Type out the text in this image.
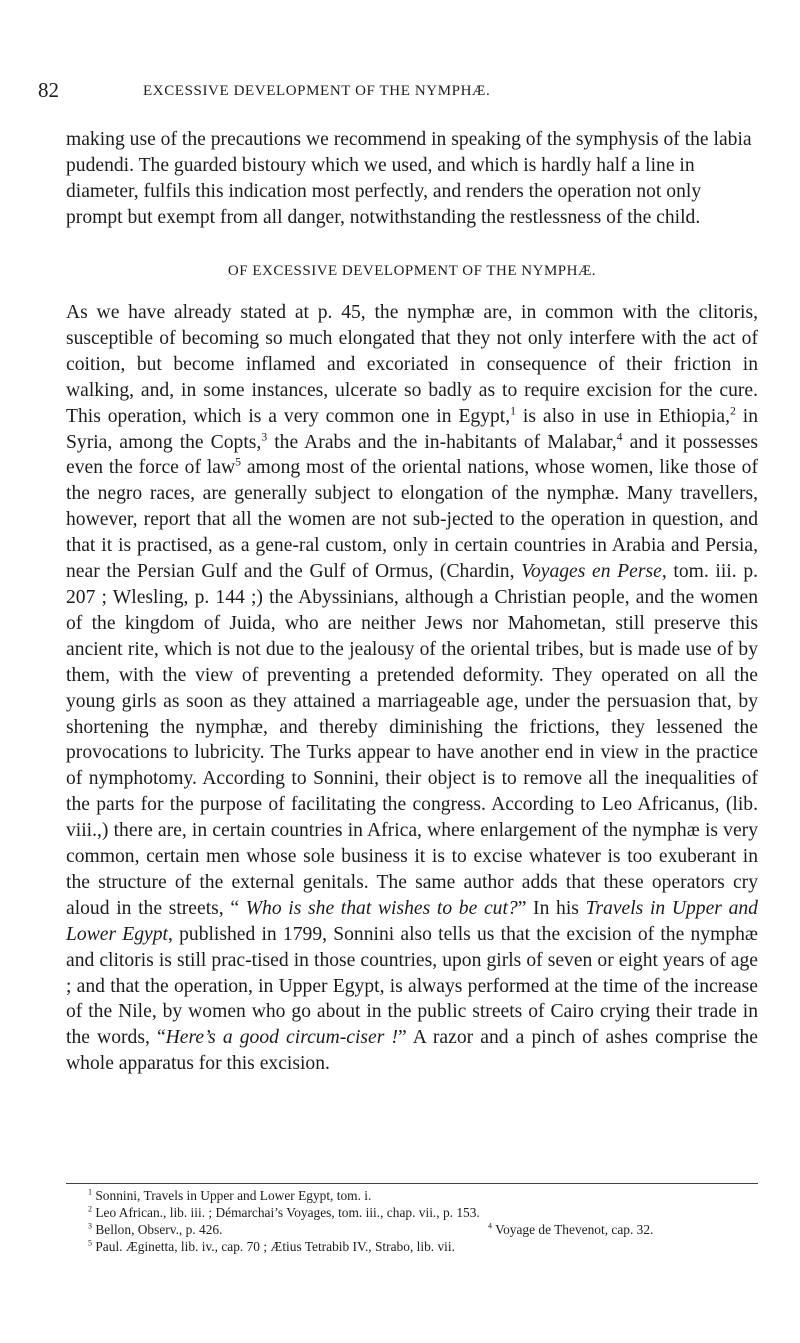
82	EXCESSIVE DEVELOPMENT OF THE NYMPHÆ.

making use of the precautions we recommend in speaking of the symphysis of the labia pudendi. The guarded bistoury which we used, and which is hardly half a line in diameter, fulfils this indication most perfectly, and renders the operation not only prompt but exempt from all danger, notwithstanding the restlessness of the child.

OF EXCESSIVE DEVELOPMENT OF THE NYMPHÆ.

As we have already stated at p. 45, the nymphæ are, in common with the clitoris, susceptible of becoming so much elongated that they not only interfere with the act of coition, but become inflamed and excoriated in consequence of their friction in walking, and, in some instances, ulcerate so badly as to require excision for the cure. This operation, which is a very common one in Egypt,$^1$ is also in use in Ethiopia,$^2$ in Syria, among the Copts,$^3$ the Arabs and the in-habitants of Malabar,$^4$ and it possesses even the force of law$^5$ among most of the oriental nations, whose women, like those of the negro races, are generally subject to elongation of the nymphæ. Many travellers, however, report that all the women are not sub-jected to the operation in question, and that it is practised, as a gene-ral custom, only in certain countries in Arabia and Persia, near the Persian Gulf and the Gulf of Ormus, (Chardin, Voyages en Perse, tom. iii. p. 207 ; Wlesling, p. 144 ;) the Abyssinians, although a Christian people, and the women of the kingdom of Juida, who are neither Jews nor Mahometan, still preserve this ancient rite, which is not due to the jealousy of the oriental tribes, but is made use of by them, with the view of preventing a pretended deformity. They operated on all the young girls as soon as they attained a marriageable age, under the persuasion that, by shortening the nymphæ, and thereby diminishing the frictions, they lessened the provocations to lubricity. The Turks appear to have another end in view in the practice of nymphotomy. According to Sonnini, their object is to remove all the inequalities of the parts for the purpose of facilitating the congress. According to Leo Africanus, (lib. viii.,) there are, in certain countries in Africa, where enlargement of the nymphæ is very common, certain men whose sole business it is to excise whatever is too exuberant in the structure of the external genitals. The same author adds that these operators cry aloud in the streets, “ Who is she that wishes to be cut?” In his Travels in Upper and Lower Egypt, published in 1799, Sonnini also tells us that the excision of the nymphæ and clitoris is still prac-tised in those countries, upon girls of seven or eight years of age ; and that the operation, in Upper Egypt, is always performed at the time of the increase of the Nile, by women who go about in the public streets of Cairo crying their trade in the words, “Here’s a good circum-ciser !” A razor and a pinch of ashes comprise the whole apparatus for this excision.

$^1$ Sonnini, Travels in Upper and Lower Egypt, tom. i.
$^2$ Leo African., lib. iii. ; Démarchai’s Voyages, tom. iii., chap. vii., p. 153.
$^3$ Bellon, Observ., p. 426.	$^4$ Voyage de Thevenot, cap. 32.
$^5$ Paul. Æginetta, lib. iv., cap. 70 ; Ætius Tetrabib IV., Strabo, lib. vii.
